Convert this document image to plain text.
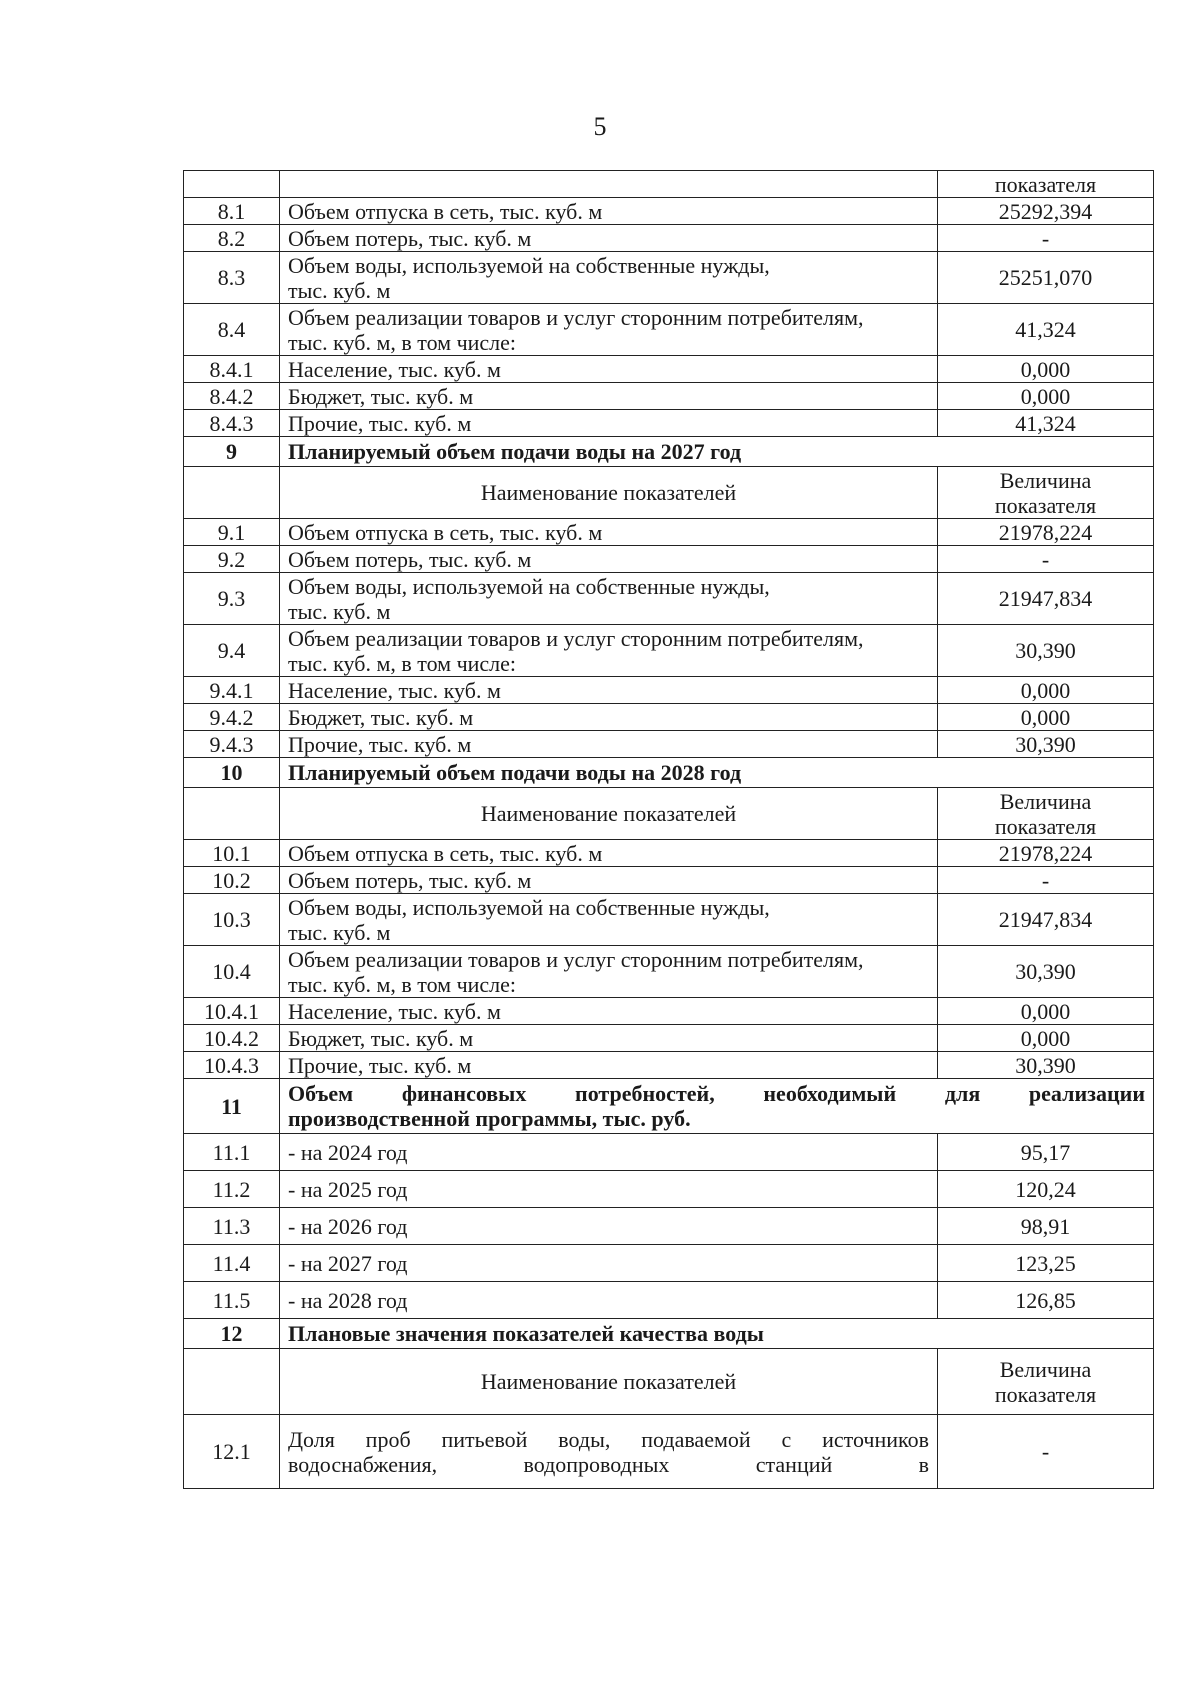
5
		показателя
8.1	Объем отпуска в сеть, тыс. куб. м	25292,394
8.2	Объем потерь, тыс. куб. м	-
8.3	Объем воды, используемой на собственные нужды,
тыс. куб. м	25251,070
8.4	Объем реализации товаров и услуг сторонним потребителям,
тыс. куб. м, в том числе:	41,324
8.4.1	Население, тыс. куб. м	0,000
8.4.2	Бюджет, тыс. куб. м	0,000
8.4.3	Прочие, тыс. куб. м	41,324
9	Планируемый объем подачи воды на 2027 год	
	Наименование показателей	Величина
показателя

9.1	Объем отпуска в сеть, тыс. куб. м	21978,224
9.2	Объем потерь, тыс. куб. м	-
9.3	Объем воды, используемой на собственные нужды,
тыс. куб. м	21947,834
9.4	Объем реализации товаров и услуг сторонним потребителям,
тыс. куб. м, в том числе:	30,390
9.4.1	Население, тыс. куб. м	0,000
9.4.2	Бюджет, тыс. куб. м	0,000
9.4.3	Прочие, тыс. куб. м	30,390
10	Планируемый объем подачи воды на 2028 год	
	Наименование показателей	Величина
показателя

10.1	Объем отпуска в сеть, тыс. куб. м	21978,224
10.2	Объем потерь, тыс. куб. м	-
10.3	Объем воды, используемой на собственные нужды,
тыс. куб. м	21947,834
10.4	Объем реализации товаров и услуг сторонним потребителям,
тыс. куб. м, в том числе:	30,390
10.4.1	Население, тыс. куб. м	0,000
10.4.2	Бюджет, тыс. куб. м	0,000
10.4.3	Прочие, тыс. куб. м	30,390
11	Объем финансовых потребностей, необходимый для реализации
производственной программы, тыс. руб.	

11.1	- на 2024 год	95,17
11.2	- на 2025 год	120,24
11.3	- на 2026 год	98,91
11.4	- на 2027 год	123,25
11.5	- на 2028 год	126,85
12	Плановые значения показателей качества воды	
	Наименование показателей	Величина
показателя

12.1	Доля проб питьевой воды, подаваемой с источников
водоснабжения, водопроводных станций в	-
